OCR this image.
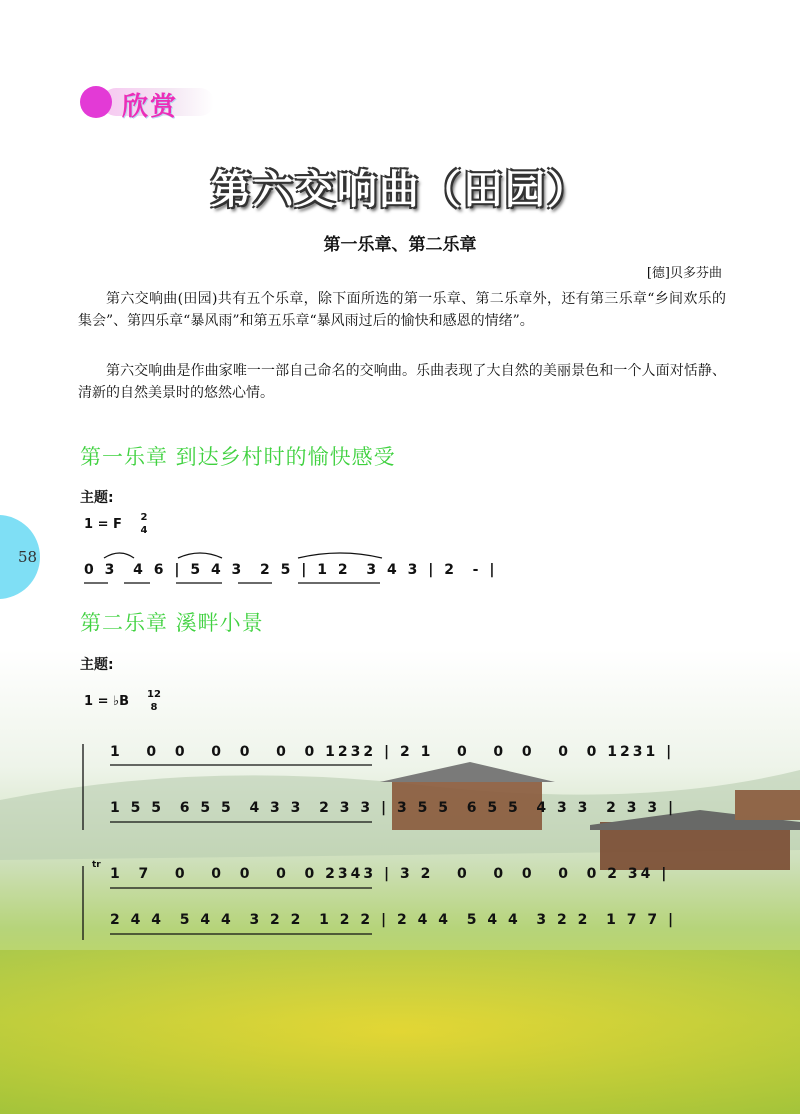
58
欣赏
第六交响曲（田园）
第一乐章、第二乐章
[德]贝多芬曲
第六交响曲(田园)共有五个乐章，除下面所选的第一乐章、第二乐章外，还有第三乐章“乡间欢乐的集会”、第四乐章“暴风雨”和第五乐章“暴风雨过后的愉快和感恩的情绪”。
第六交响曲是作曲家唯一一部自己命名的交响曲。乐曲表现了大自然的美丽景色和一个人面对恬静、清新的自然美景时的悠然心情。
第一乐章 到达乡村时的愉快感受
主题:
1 = F	2
4
0 3  4 6 | 5 4 3  2 5 | 1 2  3 4 3 | 2  - |
第二乐章 溪畔小景
主题:
1 = ♭B 12
8
1   0  0   0  0   0  0 1232 | 2 1   0   0  0   0  0 1231 |
1 5 5  6 5 5  4 3 3  2 3 3 | 3 5 5  6 5 5  4 3 3  2 3 3 |
tr
1  7   0   0  0   0  0 2343 | 3 2   0   0  0   0  0 2 34 |
2 4 4  5 4 4  3 2 2  1 2 2 | 2 4 4  5 4 4  3 2 2  1 7 7 |
